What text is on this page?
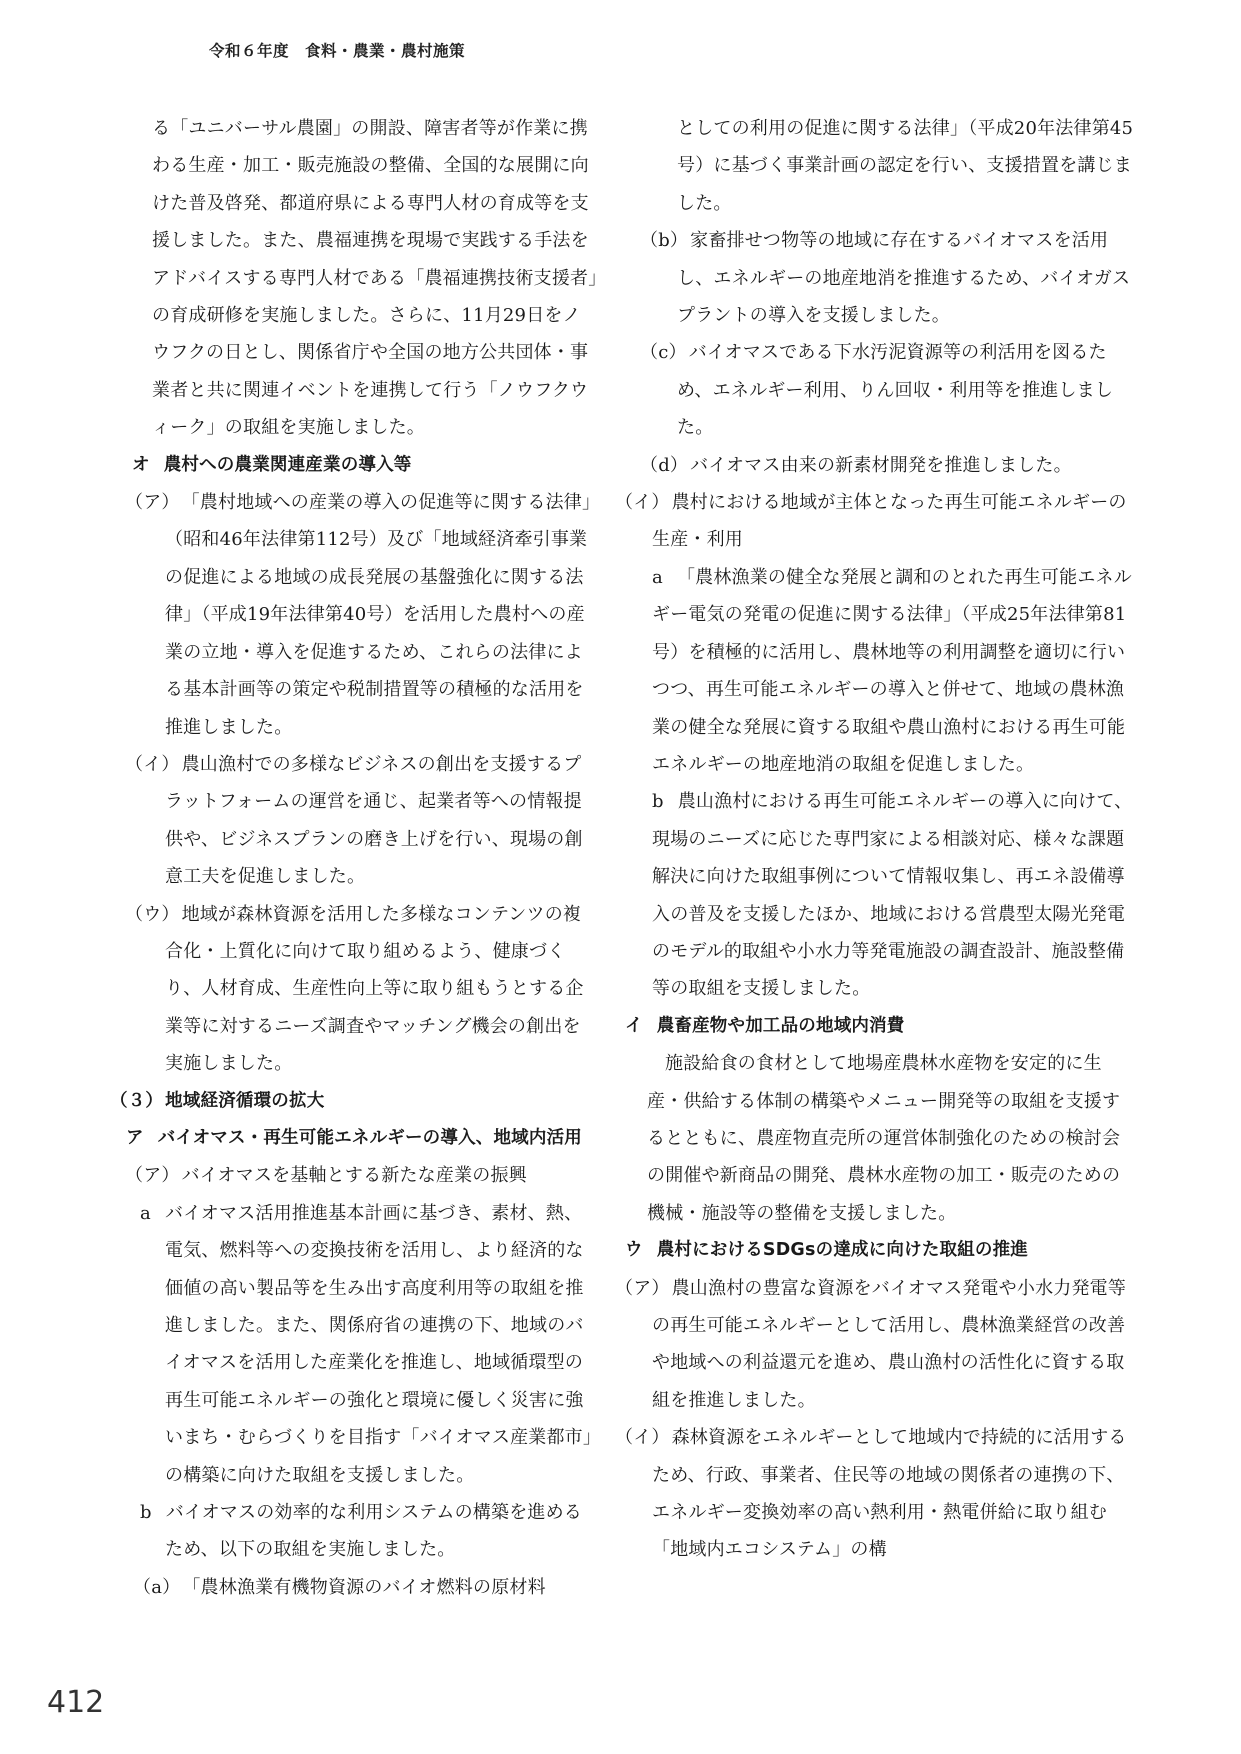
令和６年度　食料・農業・農村施策

る「ユニバーサル農園」の開設、障害者等が作業に携わる生産・加工・販売施設の整備、全国的な展開に向けた普及啓発、都道府県による専門人材の育成等を支援しました。また、農福連携を現場で実践する手法をアドバイスする専門人材である「農福連携技術支援者」の育成研修を実施しました。さらに、11月29日をノウフクの日とし、関係省庁や全国の地方公共団体・事業者と共に関連イベントを連携して行う「ノウフクウィーク」の取組を実施しました。

オ 農村への農業関連産業の導入等

（ア） 「農村地域への産業の導入の促進等に関する法律」（昭和46年法律第112号）及び「地域経済牽引事業の促進による地域の成長発展の基盤強化に関する法律」（平成19年法律第40号）を活用した農村への産業の立地・導入を促進するため、これらの法律による基本計画等の策定や税制措置等の積極的な活用を推進しました。

（イ） 農山漁村での多様なビジネスの創出を支援するプラットフォームの運営を通じ、起業者等への情報提供や、ビジネスプランの磨き上げを行い、現場の創意工夫を促進しました。

（ウ） 地域が森林資源を活用した多様なコンテンツの複合化・上質化に向けて取り組めるよう、健康づくり、人材育成、生産性向上等に取り組もうとする企業等に対するニーズ調査やマッチング機会の創出を実施しました。

（３） 地域経済循環の拡大

ア バイオマス・再生可能エネルギーの導入、地域内活用

（ア） バイオマスを基軸とする新たな産業の振興

a バイオマス活用推進基本計画に基づき、素材、熱、電気、燃料等への変換技術を活用し、より経済的な価値の高い製品等を生み出す高度利用等の取組を推進しました。また、関係府省の連携の下、地域のバイオマスを活用した産業化を推進し、地域循環型の再生可能エネルギーの強化と環境に優しく災害に強いまち・むらづくりを目指す「バイオマス産業都市」の構築に向けた取組を支援しました。

b バイオマスの効率的な利用システムの構築を進めるため、以下の取組を実施しました。

（a） 「農林漁業有機物資源のバイオ燃料の原材料

としての利用の促進に関する法律」（平成20年法律第45号）に基づく事業計画の認定を行い、支援措置を講じました。

（b） 家畜排せつ物等の地域に存在するバイオマスを活用し、エネルギーの地産地消を推進するため、バイオガスプラントの導入を支援しました。

（c） バイオマスである下水汚泥資源等の利活用を図るため、エネルギー利用、りん回収・利用等を推進しました。

（d） バイオマス由来の新素材開発を推進しました。

（イ） 農村における地域が主体となった再生可能エネルギーの生産・利用

a 「農林漁業の健全な発展と調和のとれた再生可能エネルギー電気の発電の促進に関する法律」（平成25年法律第81号）を積極的に活用し、農林地等の利用調整を適切に行いつつ、再生可能エネルギーの導入と併せて、地域の農林漁業の健全な発展に資する取組や農山漁村における再生可能エネルギーの地産地消の取組を促進しました。

b 農山漁村における再生可能エネルギーの導入に向けて、現場のニーズに応じた専門家による相談対応、様々な課題解決に向けた取組事例について情報収集し、再エネ設備導入の普及を支援したほか、地域における営農型太陽光発電のモデル的取組や小水力等発電施設の調査設計、施設整備等の取組を支援しました。

イ 農畜産物や加工品の地域内消費

施設給食の食材として地場産農林水産物を安定的に生産・供給する体制の構築やメニュー開発等の取組を支援するとともに、農産物直売所の運営体制強化のための検討会の開催や新商品の開発、農林水産物の加工・販売のための機械・施設等の整備を支援しました。

ウ 農村におけるSDGsの達成に向けた取組の推進

（ア） 農山漁村の豊富な資源をバイオマス発電や小水力発電等の再生可能エネルギーとして活用し、農林漁業経営の改善や地域への利益還元を進め、農山漁村の活性化に資する取組を推進しました。

（イ） 森林資源をエネルギーとして地域内で持続的に活用するため、行政、事業者、住民等の地域の関係者の連携の下、エネルギー変換効率の高い熱利用・熱電併給に取り組む「地域内エコシステム」の構

412
